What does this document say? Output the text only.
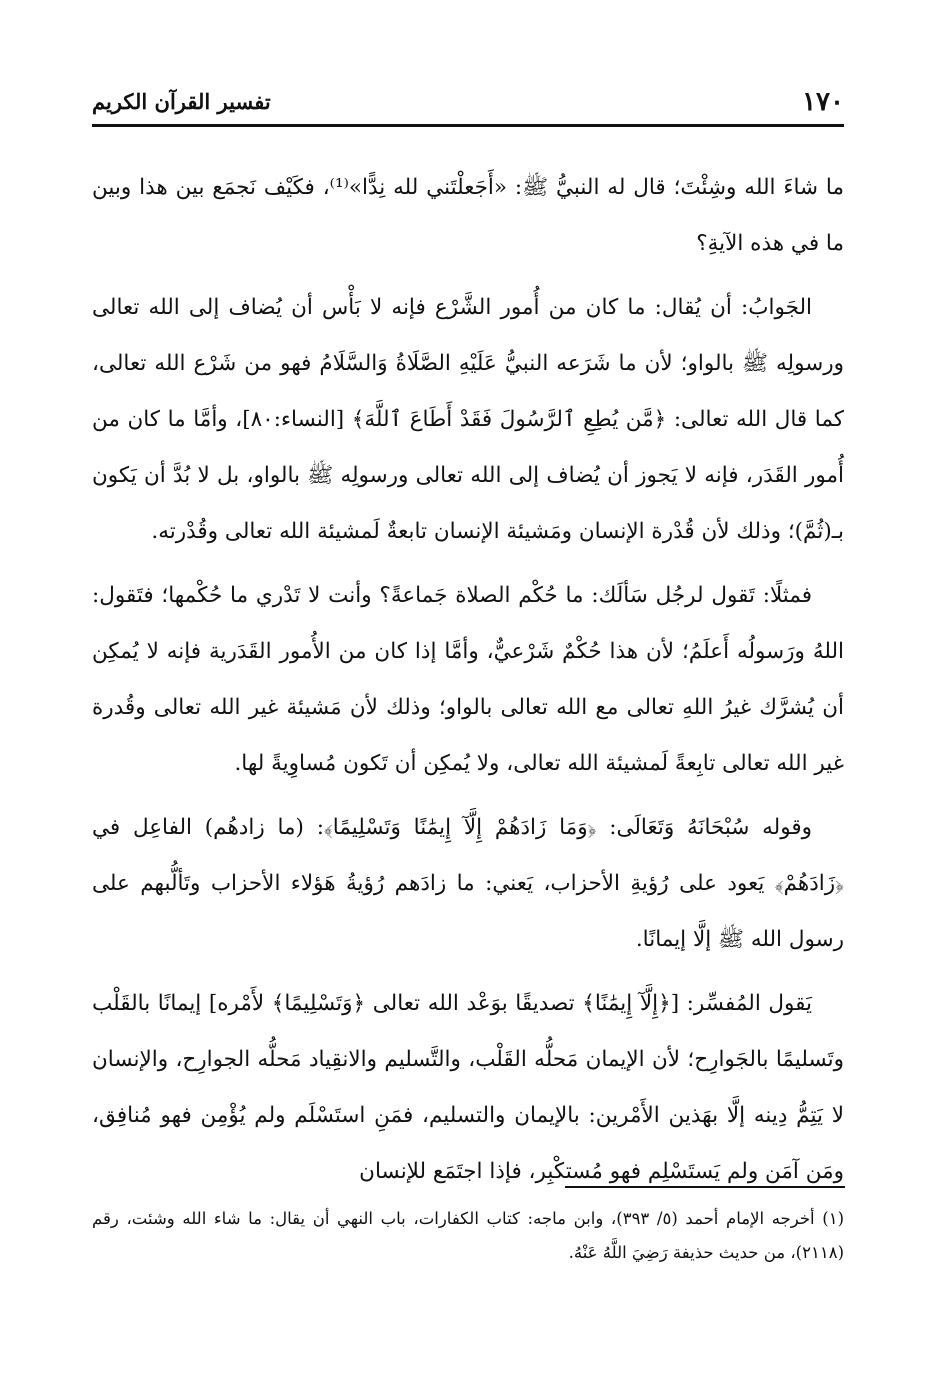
١٧٠
تفسير القرآن الكريم

ما شاءَ الله وشِئْتَ؛ قال له النبيُّ ﷺ: «أَجَعلْتَني لله نِدًّا»⁽¹⁾، فكَيْف نَجمَع بين هذا وبين ما في هذه الآيةِ؟

الجَوابُ: أن يُقال: ما كان من أُمور الشَّرْع فإنه لا بَأْس أن يُضاف إلى الله تعالى ورسولِه ﷺ بالواو؛ لأن ما شَرَعه النبيُّ عَلَيْهِ الصَّلَاةُ وَالسَّلَامُ فهو من شَرْع الله تعالى، كما قال الله تعالى: ﴿مَّن يُطِعِ ٱلرَّسُولَ فَقَدْ أَطَاعَ ٱللَّهَ﴾ [النساء:٨٠]، وأمَّا ما كان من أُمور القَدَر، فإنه لا يَجوز أن يُضاف إلى الله تعالى ورسولِه ﷺ بالواو، بل لا بُدَّ أن يَكون بـ(ثُمَّ)؛ وذلك لأن قُدْرة الإنسان ومَشيئة الإنسان تابعةٌ لَمشيئة الله تعالى وقُدْرته.

فمثلًا: تَقول لرجُل سَألَك: ما حُكْم الصلاة جَماعةً؟ وأنت لا تَدْري ما حُكْمها؛ فتَقول: اللهُ ورَسولُه أَعلَمُ؛ لأن هذا حُكْمٌ شَرْعيٌّ، وأمَّا إذا كان من الأُمور القَدَرية فإنه لا يُمكِن أن يُشرَّك غيرُ اللهِ تعالى مع الله تعالى بالواو؛ وذلك لأن مَشيئة غير الله تعالى وقُدرة غير الله تعالى تابِعةً لَمشيئة الله تعالى، ولا يُمكِن أن تَكون مُساوِيةً لها.

وقوله سُبْحَانَهُ وَتَعَالَى: ﴿وَمَا زَادَهُمْ إِلَّآ إِيمَٰنًا وَتَسْلِيمًا﴾: (ما زادهُم) الفاعِل في ﴿زَادَهُمْ﴾ يَعود على رُؤيةِ الأحزاب، يَعني: ما زادَهم رُؤيةُ هَؤلاء الأحزاب وتَألُّبهم على رسول الله ﷺ إلَّا إيمانًا.

يَقول المُفسِّر: [﴿إِلَّآ إِيمَٰنًا﴾ تصديقًا بوَعْد الله تعالى ﴿وَتَسْلِيمًا﴾ لأَمْره] إيمانًا بالقَلْب وتَسليمًا بالجَوارِح؛ لأن الإيمان مَحلُّه القَلْب، والتَّسليم والانقِياد مَحلُّه الجوارِح، والإنسان لا يَتِمُّ دِينه إلَّا بهَذين الأَمْرين: بالإيمان والتسليم، فمَنِ استَسْلَم ولم يُؤْمِن فهو مُنافِق، ومَن آمَن ولم يَستَسْلِم فهو مُستكْبِر، فإذا اجتَمَع للإنسان

(١) أخرجه الإمام أحمد (٥/ ٣٩٣)، وابن ماجه: كتاب الكفارات، باب النهي أن يقال: ما شاء الله وشئت، رقم (٢١١٨)، من حديث حذيفة رَضِيَ اللَّهُ عَنْهُ.
